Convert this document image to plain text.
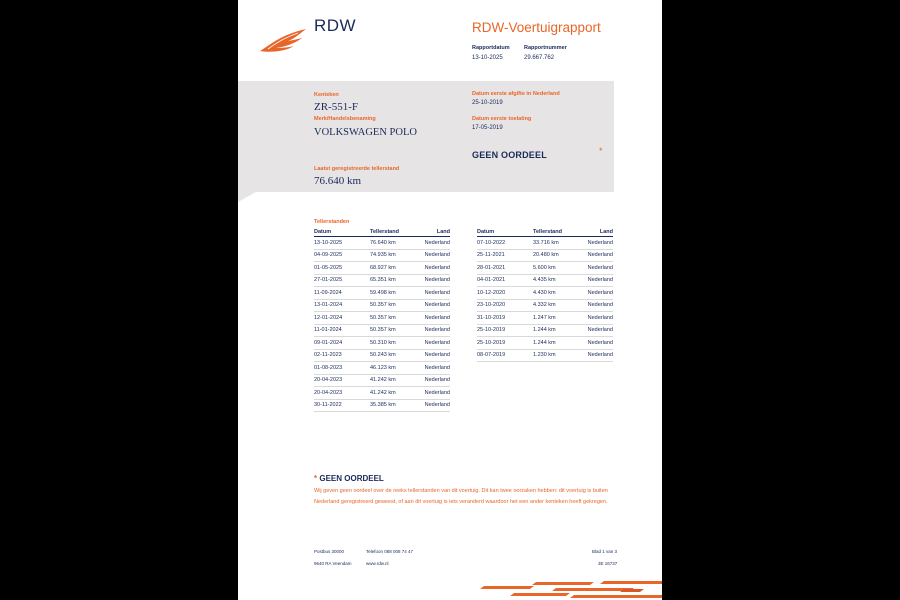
RDW	RDW-Voertuigrapport
Rapportdatum
13-10-2025
Rapportnummer
29.667.762
Kenteken
ZR-551-F
Merk/Handelsbenaming
VOLKSWAGEN POLO
Laatst geregistreerde tellerstand
76.640 km
Datum eerste afgifte in Nederland
25-10-2019
Datum eerste toelating
17-05-2019
GEEN OORDEEL	*
Tellerstanden
Datum	Tellerstand	Land
13-10-2025	76.640 km	Nederland
04-09-2025	74.935 km	Nederland
01-05-2025	68.927 km	Nederland
27-01-2025	65.351 km	Nederland
11-09-2024	59.498 km	Nederland
13-01-2024	50.357 km	Nederland
12-01-2024	50.357 km	Nederland
11-01-2024	50.357 km	Nederland
09-01-2024	50.310 km	Nederland
02-11-2023	50.243 km	Nederland
01-08-2023	46.123 km	Nederland
20-04-2023	41.242 km	Nederland
20-04-2023	41.242 km	Nederland
30-11-2022	35.385 km	Nederland
Datum	Tellerstand	Land
07-10-2022	33.716 km	Nederland
25-11-2021	20.480 km	Nederland
28-01-2021	5.600 km	Nederland
04-01-2021	4.435 km	Nederland
10-12-2020	4.430 km	Nederland
23-10-2020	4.332 km	Nederland
31-10-2019	1.247 km	Nederland
25-10-2019	1.244 km	Nederland
25-10-2019	1.244 km	Nederland
08-07-2019	1.230 km	Nederland
* GEEN OORDEEL
Wij geven geen oordeel over de reeks tellerstanden van dit voertuig. Dit kan twee oorzaken hebben: dit voertuig is buiten Nederland geregistreerd geweest, of aan dit voertuig is iets veranderd waardoor het een ander kenteken heeft gekregen.
Postbus 30000
9640 RA Veendam
Telefoon 088 008 74 47
www.rdw.nl
Blad 1 van 3
3E 16737
